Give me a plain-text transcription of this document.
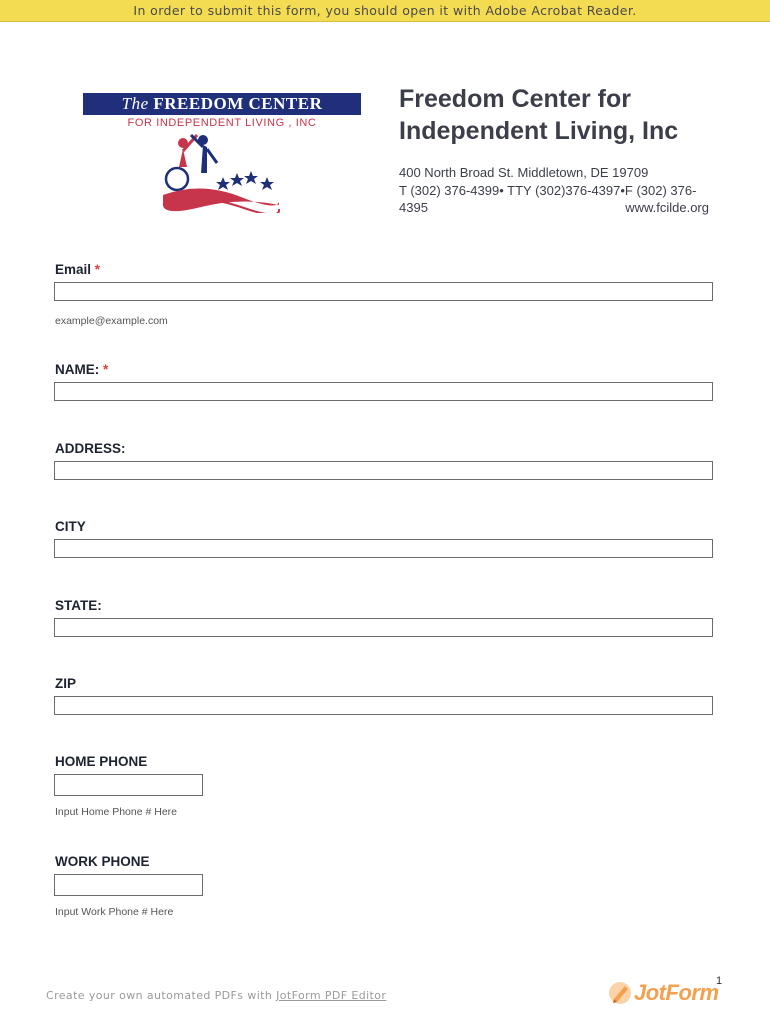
In order to submit this form, you should open it with Adobe Acrobat Reader.
The FREEDOM CENTER
FOR INDEPENDENT LIVING , INC
Freedom Center for Independent Living, Inc
400 North Broad St. Middletown, DE 19709
T (302) 376-4399• TTY (302)376-4397•F (302) 376-
4395	www.fcilde.org
Email *
example@example.com
NAME: *
ADDRESS:
CITY
STATE:
ZIP
HOME PHONE
Input Home Phone # Here
WORK PHONE
Input Work Phone # Here
Create your own automated PDFs with JotForm PDF Editor
1
JotForm
